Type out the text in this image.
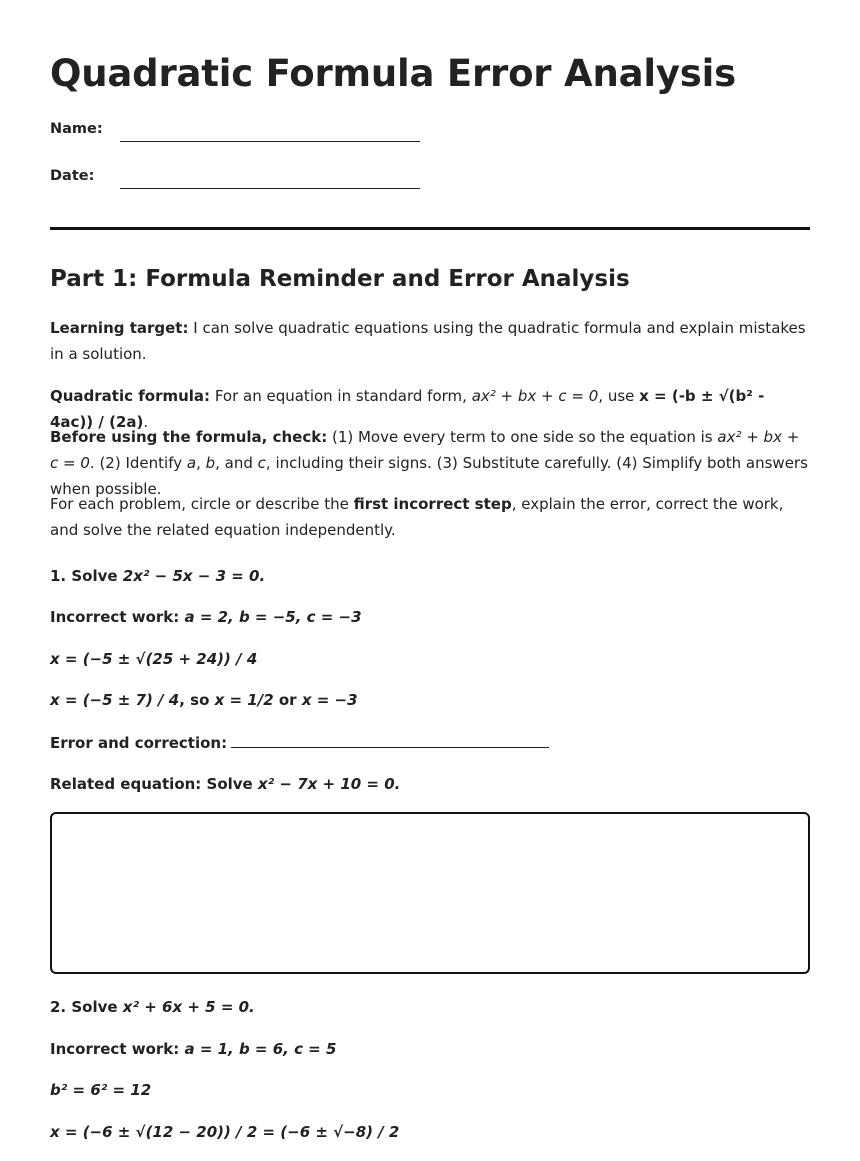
Quadratic Formula Error Analysis
Name:
Date:
Part 1: Formula Reminder and Error Analysis
Learning target: I can solve quadratic equations using the quadratic formula and explain mistakes in a solution.
Quadratic formula: For an equation in standard form, ax² + bx + c = 0, use x = (-b ± √(b² - 4ac)) / (2a).
Before using the formula, check: (1) Move every term to one side so the equation is ax² + bx + c = 0. (2) Identify a, b, and c, including their signs. (3) Substitute carefully. (4) Simplify both answers when possible.
For each problem, circle or describe the first incorrect step, explain the error, correct the work, and solve the related equation independently.
1. Solve 2x² − 5x − 3 = 0.
Incorrect work: a = 2, b = −5, c = −3
x = (−5 ± √(25 + 24)) / 4
x = (−5 ± 7) / 4, so x = 1/2 or x = −3
Error and correction:
Related equation: Solve x² − 7x + 10 = 0.
2. Solve x² + 6x + 5 = 0.
Incorrect work: a = 1, b = 6, c = 5
b² = 6² = 12
x = (−6 ± √(12 − 20)) / 2 = (−6 ± √−8) / 2
